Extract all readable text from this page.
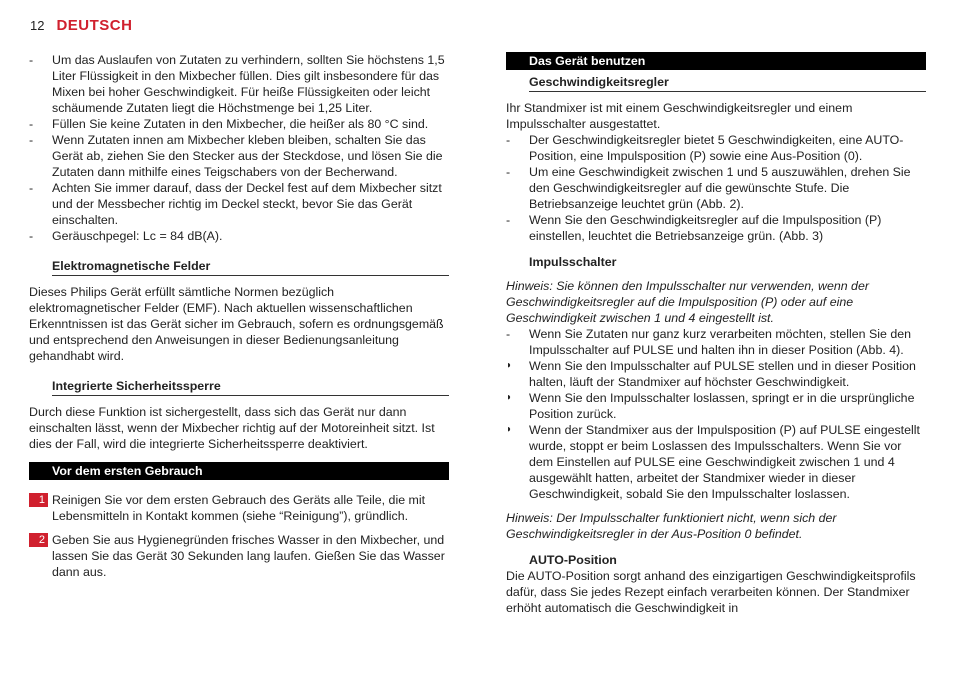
12 DEUTSCH
-	Um das Auslaufen von Zutaten zu verhindern, sollten Sie höchstens 1,5 Liter Flüssigkeit in den Mixbecher füllen. Dies gilt insbesondere für das Mixen bei hoher Geschwindigkeit. Für heiße Flüssigkeiten oder leicht schäumende Zutaten liegt die Höchstmenge bei 1,25 Liter.
-	Füllen Sie keine Zutaten in den Mixbecher, die heißer als 80 °C sind.
-	Wenn Zutaten innen am Mixbecher kleben bleiben, schalten Sie das Gerät ab, ziehen Sie den Stecker aus der Steckdose, und lösen Sie die Zutaten dann mithilfe eines Teigschabers von der Becherwand.
-	Achten Sie immer darauf, dass der Deckel fest auf dem Mixbecher sitzt und der Messbecher richtig im Deckel steckt, bevor Sie das Gerät einschalten.
-	Geräuschpegel: Lc = 84 dB(A).
Elektromagnetische Felder

Dieses Philips Gerät erfüllt sämtliche Normen bezüglich elektromagnetischer Felder (EMF). Nach aktuellen wissenschaftlichen Erkenntnissen ist das Gerät sicher im Gebrauch, sofern es ordnungsgemäß und entsprechend den Anweisungen in dieser Bedienungsanleitung gehandhabt wird.

Integrierte Sicherheitssperre

Durch diese Funktion ist sichergestellt, dass sich das Gerät nur dann einschalten lässt, wenn der Mixbecher richtig auf der Motoreinheit sitzt. Ist dies der Fall, wird die integrierte Sicherheitssperre deaktiviert.

Vor dem ersten Gebrauch
1 Reinigen Sie vor dem ersten Gebrauch des Geräts alle Teile, die mit Lebensmitteln in Kontakt kommen (siehe “Reinigung”), gründlich.
2 Geben Sie aus Hygienegründen frisches Wasser in den Mixbecher, und lassen Sie das Gerät 30 Sekunden lang laufen. Gießen Sie das Wasser dann aus.
Das Gerät benutzen
Geschwindigkeitsregler

Ihr Standmixer ist mit einem Geschwindigkeitsregler und einem Impulsschalter ausgestattet.

-	Der Geschwindigkeitsregler bietet 5 Geschwindigkeiten, eine AUTO-Position, eine Impulsposition (P) sowie eine Aus-Position (0).
-	Um eine Geschwindigkeit zwischen 1 und 5 auszuwählen, drehen Sie den Geschwindigkeitsregler auf die gewünschte Stufe. Die Betriebsanzeige leuchtet grün (Abb. 2).
-	Wenn Sie den Geschwindigkeitsregler auf die Impulsposition (P) einstellen, leuchtet die Betriebsanzeige grün. (Abb. 3)
Impulsschalter

Hinweis: Sie können den Impulsschalter nur verwenden, wenn der Geschwindigkeitsregler auf die Impulsposition (P) oder auf eine Geschwindigkeit zwischen 1 und 4 eingestellt ist.

-	Wenn Sie Zutaten nur ganz kurz verarbeiten möchten, stellen Sie den Impulsschalter auf PULSE und halten ihn in dieser Position (Abb. 4).
◗	Wenn Sie den Impulsschalter auf PULSE stellen und in dieser Position halten, läuft der Standmixer auf höchster Geschwindigkeit.
◗	Wenn Sie den Impulsschalter loslassen, springt er in die ursprüngliche Position zurück.
◗	Wenn der Standmixer aus der Impulsposition (P) auf PULSE eingestellt wurde, stoppt er beim Loslassen des Impulsschalters. Wenn Sie vor dem Einstellen auf PULSE eine Geschwindigkeit zwischen 1 und 4 ausgewählt hatten, arbeitet der Standmixer wieder in dieser Geschwindigkeit, sobald Sie den Impulsschalter loslassen.

Hinweis: Der Impulsschalter funktioniert nicht, wenn sich der Geschwindigkeitsregler in der Aus-Position 0 befindet.

AUTO-Position

Die AUTO-Position sorgt anhand des einzigartigen Geschwindigkeitsprofils dafür, dass Sie jedes Rezept einfach verarbeiten können. Der Standmixer erhöht automatisch die Geschwindigkeit in
